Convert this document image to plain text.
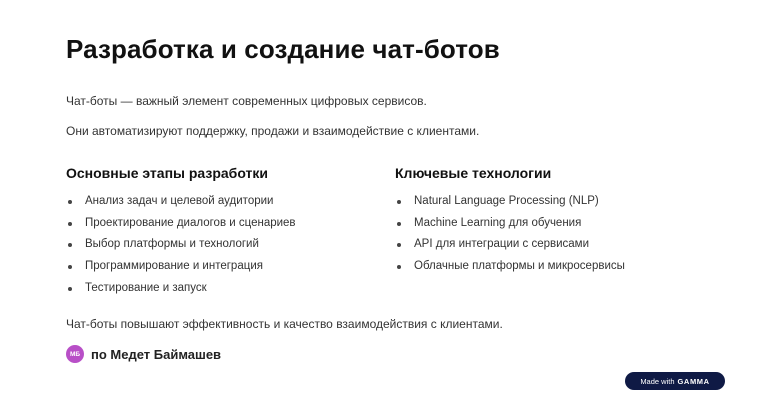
Разработка и создание чат-ботов

Чат-боты — важный элемент современных цифровых сервисов.

Они автоматизируют поддержку, продажи и взаимодействие с клиентами.

Основные этапы разработки
Анализ задач и целевой аудитории
Проектирование диалогов и сценариев
Выбор платформы и технологий
Программирование и интеграция
Тестирование и запуск
Ключевые технологии
Natural Language Processing (NLP)
Machine Learning для обучения
API для интеграции с сервисами
Облачные платформы и микросервисы

Чат-боты повышают эффективность и качество взаимодействия с клиентами.

МБ по Медет Баймашев
Made with GAMMA
